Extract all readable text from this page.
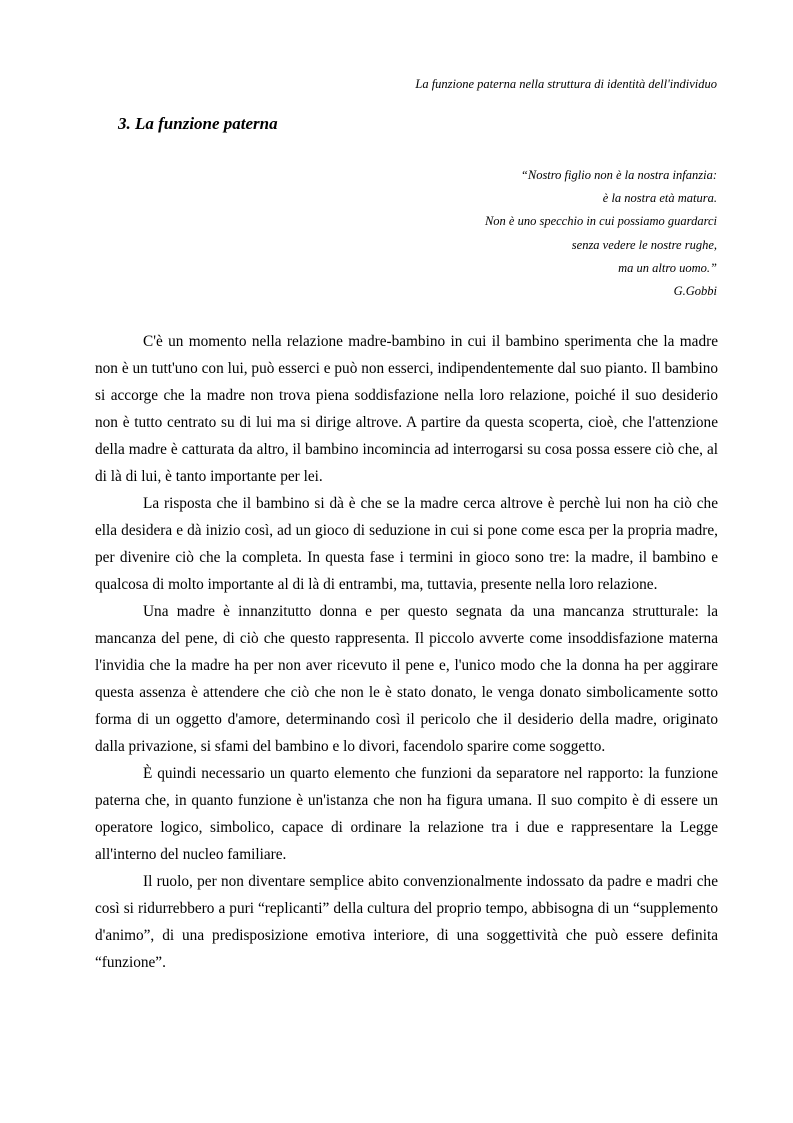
La funzione paterna nella struttura di identità dell'individuo
3. La funzione paterna
“Nostro figlio non è la nostra infanzia:
è la nostra età matura.
Non è uno specchio in cui possiamo guardarci
senza vedere le nostre rughe,
ma un altro uomo.”
G.Gobbi

C'è un momento nella relazione madre-bambino in cui il bambino sperimenta che la madre non è un tutt'uno con lui, può esserci e può non esserci, indipendentemente dal suo pianto. Il bambino si accorge che la madre non trova piena soddisfazione nella loro relazione, poiché il suo desiderio non è tutto centrato su di lui ma si dirige altrove. A partire da questa scoperta, cioè, che l'attenzione della madre è catturata da altro, il bambino incomincia ad interrogarsi su cosa possa essere ciò che, al di là di lui, è tanto importante per lei.

La risposta che il bambino si dà è che se la madre cerca altrove è perchè lui non ha ciò che ella desidera e dà inizio così, ad un gioco di seduzione in cui si pone come esca per la propria madre, per divenire ciò che la completa. In questa fase i termini in gioco sono tre: la madre, il bambino e qualcosa di molto importante al di là di entrambi, ma, tuttavia, presente nella loro relazione.

Una madre è innanzitutto donna e per questo segnata da una mancanza strutturale: la mancanza del pene, di ciò che questo rappresenta. Il piccolo avverte come insoddisfazione materna l'invidia che la madre ha per non aver ricevuto il pene e, l'unico modo che la donna ha per aggirare questa assenza è attendere che ciò che non le è stato donato, le venga donato simbolicamente sotto forma di un oggetto d'amore, determinando così il pericolo che il desiderio della madre, originato dalla privazione, si sfami del bambino e lo divori, facendolo sparire come soggetto.

È quindi necessario un quarto elemento che funzioni da separatore nel rapporto: la funzione paterna che, in quanto funzione è un'istanza che non ha figura umana. Il suo compito è di essere un operatore logico, simbolico, capace di ordinare la relazione tra i due e rappresentare la Legge all'interno del nucleo familiare.

Il ruolo, per non diventare semplice abito convenzionalmente indossato da padre e madri che così si ridurrebbero a puri “replicanti” della cultura del proprio tempo, abbisogna di un “supplemento d'animo”, di una predisposizione emotiva interiore, di una soggettività che può essere definita “funzione”.
